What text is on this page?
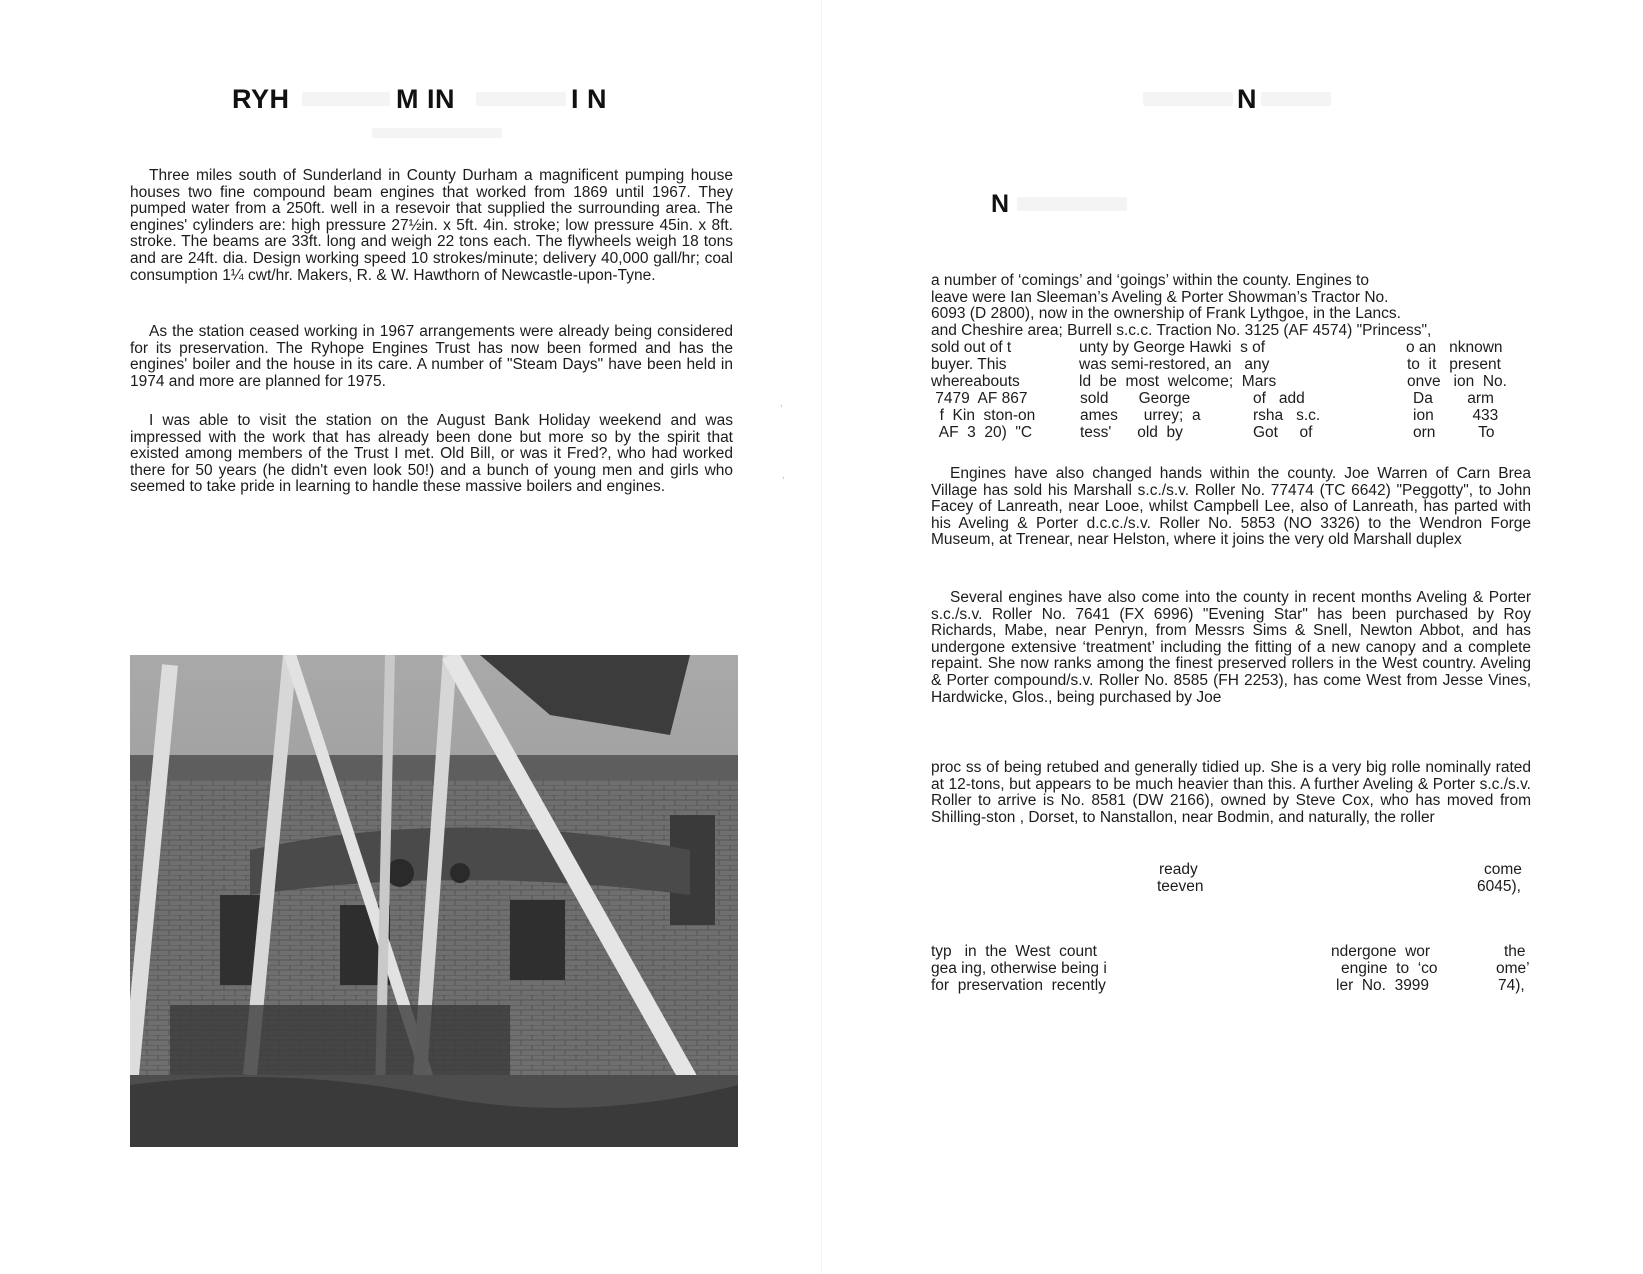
RYH	M IN	I N

Three miles south of Sunderland in County Durham a magnificent pumping house houses two fine compound beam engines that worked from 1869 until 1967. They pumped water from a 250ft. well in a resevoir that supplied the surrounding area. The engines' cylinders are: high pressure 27½in. x 5ft. 4in. stroke; low pressure 45in. x 8ft. stroke. The beams are 33ft. long and weigh 22 tons each. The flywheels weigh 18 tons and are 24ft. dia. Design working speed 10 strokes/minute; delivery 40,000 gall/hr; coal consumption 1¼ cwt/hr. Makers, R. & W. Hawthorn of Newcastle-upon-Tyne.

As the station ceased working in 1967 arrangements were already being considered for its preservation. The Ryhope Engines Trust has now been formed and has the engines' boiler and the house in its care. A number of "Steam Days" have been held in 1974 and more are planned for 1975.

I was able to visit the station on the August Bank Holiday weekend and was impressed with the work that has already been done but more so by the spirit that existed among members of the Trust I met. Old Bill, or was it Fred?, who had worked there for 50 years (he didn't even look 50!) and a bunch of young men and girls who seemed to take pride in learning to handle these massive boilers and engines.

,
,
N
N
a number of ‘comings’ and ‘goings’ within the county. Engines to
leave were Ian Sleeman’s Aveling & Porter Showman’s Tractor No.
6093 (D 2800), now in the ownership of Frank Lythgoe, in the Lancs.
and Cheshire area; Burrell s.c.c. Traction No. 3125 (AF 4574) "Princess",
sold out of t	unty by George Hawki  s of	o an   nknown
buyer. This	was semi-restored, an   any	to  it   present
whereabouts	ld  be  most  welcome;  Mars	onve   ion  No.
7479  AF 867	sold       George	of   add	Da        arm
f  Kin  ston-on	ames      urrey;  a	rsha   s.c.	ion         433
AF  3  20)  "C	tess'      old  by	Got     of	orn          To

Engines have also changed hands within the county. Joe Warren of Carn Brea Village has sold his Marshall s.c./s.v. Roller No. 77474 (TC 6642) "Peggotty", to John Facey of Lanreath, near Looe, whilst Campbell Lee, also of Lanreath, has parted with his Aveling & Porter d.c.c./s.v. Roller No. 5853 (NO 3326) to the Wendron Forge Museum, at Trenear, near Helston, where it joins the very old Marshall duplex

Several engines have also come into the county in recent months Aveling & Porter s.c./s.v. Roller No. 7641 (FX 6996) "Evening Star" has been purchased by Roy Richards, Mabe, near Penryn, from Messrs Sims & Snell, Newton Abbot, and has undergone extensive ‘treatment’ including the fitting of a new canopy and a complete repaint. She now ranks among the finest preserved rollers in the West country. Aveling & Porter compound/s.v. Roller No. 8585 (FH 2253), has come West from Jesse Vines, Hardwicke, Glos., being purchased by Joe

proc ss of being retubed and generally tidied up. She is a very big rolle nominally rated at 12-tons, but appears to be much heavier than this. A further Aveling & Porter s.c./s.v. Roller to arrive is No. 8581 (DW 2166), owned by Steve Cox, who has moved from Shilling-ston , Dorset, to Nanstallon, near Bodmin, and naturally, the roller

ready	come
teeven	6045),
typ   in  the  West  count	ndergone  wor	the
gea ing, otherwise being i	engine  to  ‘co	ome’
for  preservation  recently	ler  No.  3999	74),
